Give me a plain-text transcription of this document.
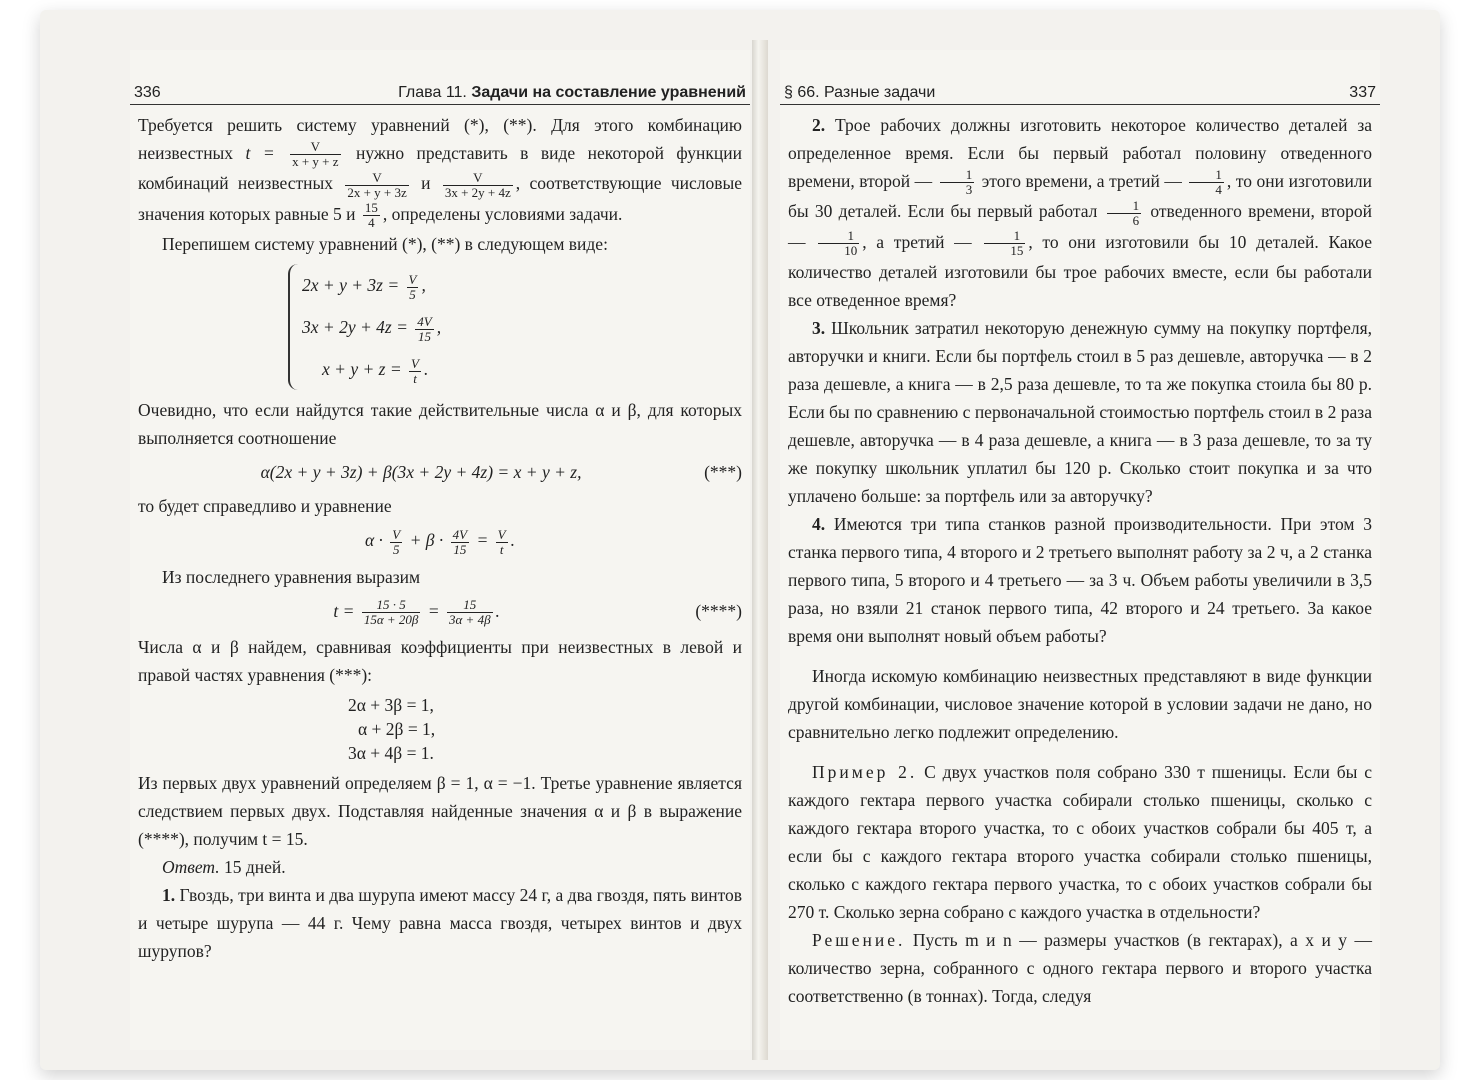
336	Глава 11. Задачи на составление уравнений

Требуется решить систему уравнений (*), (**). Для этого комбинацию неизвестных $t = \frac{V}{x + y + z}$ нужно представить в виде некоторой функции комбинаций неизвестных $\frac{V}{2x + y + 3z}$ и $\frac{V}{3x + 2y + 4z}$ , соответствующие числовые значения которых равные 5 и $\frac{15}{4}$ , определены условиями задачи.

Перепишем систему уравнений (*), (**) в следующем виде:

$2x + y + 3z = \frac{V}{5}$ ,
$3x + 2y + 4z = \frac{4V}{15}$ ,
$x + y + z = \frac{V}{t}$ .

Очевидно, что если найдутся такие действительные числа α и β, для которых выполняется соотношение

α(2x + y + 3z) + β(3x + 2y + 4z) = x + y + z,	(***)

то будет справедливо и уравнение

$\alpha \cdot \frac{V}{5} + \beta \cdot \frac{4V}{15} = \frac{V}{t}$ .

Из последнего уравнения выразим

$t = \frac{15 \cdot 5}{15\alpha + 20\beta} = \frac{15}{3\alpha + 4\beta}$ .	(****)

Числа α и β найдем, сравнивая коэффициенты при неизвестных в левой и правой частях уравнения (***):

2α + 3β = 1,
α + 2β = 1,
3α + 4β = 1.

Из первых двух уравнений определяем β = 1, α = −1. Третье уравнение является следствием первых двух. Подставляя найденные значения α и β в выражение (****), получим t = 15.

Ответ. 15 дней.

1. Гвоздь, три винта и два шурупа имеют массу 24 г, а два гвоздя, пять винтов и четыре шурупа — 44 г. Чему равна масса гвоздя, четырех винтов и двух шурупов?

§ 66. Разные задачи	337

2. Трое рабочих должны изготовить некоторое количество деталей за определенное время. Если бы первый работал половину отведенного времени, второй — $\frac{1}{3}$ этого времени, а третий — $\frac{1}{4}$ , то они изготовили бы 30 деталей. Если бы первый работал $\frac{1}{6}$ отведенного времени, второй — $\frac{1}{10}$ , а третий — $\frac{1}{15}$ , то они изготовили бы 10 деталей. Какое количество деталей изготовили бы трое рабочих вместе, если бы работали все отведенное время?

3. Школьник затратил некоторую денежную сумму на покупку портфеля, авторучки и книги. Если бы портфель стоил в 5 раз дешевле, авторучка — в 2 раза дешевле, а книга — в 2,5 раза дешевле, то та же покупка стоила бы 80 р. Если бы по сравнению с первоначальной стоимостью портфель стоил в 2 раза дешевле, авторучка — в 4 раза дешевле, а книга — в 3 раза дешевле, то за ту же покупку школьник уплатил бы 120 р. Сколько стоит покупка и за что уплачено больше: за портфель или за авторучку?

4. Имеются три типа станков разной производительности. При этом 3 станка первого типа, 4 второго и 2 третьего выполнят работу за 2 ч, а 2 станка первого типа, 5 второго и 4 третьего — за 3 ч. Объем работы увеличили в 3,5 раза, но взяли 21 станок первого типа, 42 второго и 24 третьего. За какое время они выполнят новый объем работы?

Иногда искомую комбинацию неизвестных представляют в виде функции другой комбинации, числовое значение которой в условии задачи не дано, но сравнительно легко подлежит определению.

Пример 2. С двух участков поля собрано 330 т пшеницы. Если бы с каждого гектара первого участка собирали столько пшеницы, сколько с каждого гектара второго участка, то с обоих участков собрали бы 405 т, а если бы с каждого гектара второго участка собирали столько пшеницы, сколько с каждого гектара первого участка, то с обоих участков собрали бы 270 т. Сколько зерна собрано с каждого участка в отдельности?

Решение. Пусть m и n — размеры участков (в гектарах), а x и y — количество зерна, собранного с одного гектара первого и второго участка соответственно (в тоннах). Тогда, следуя
